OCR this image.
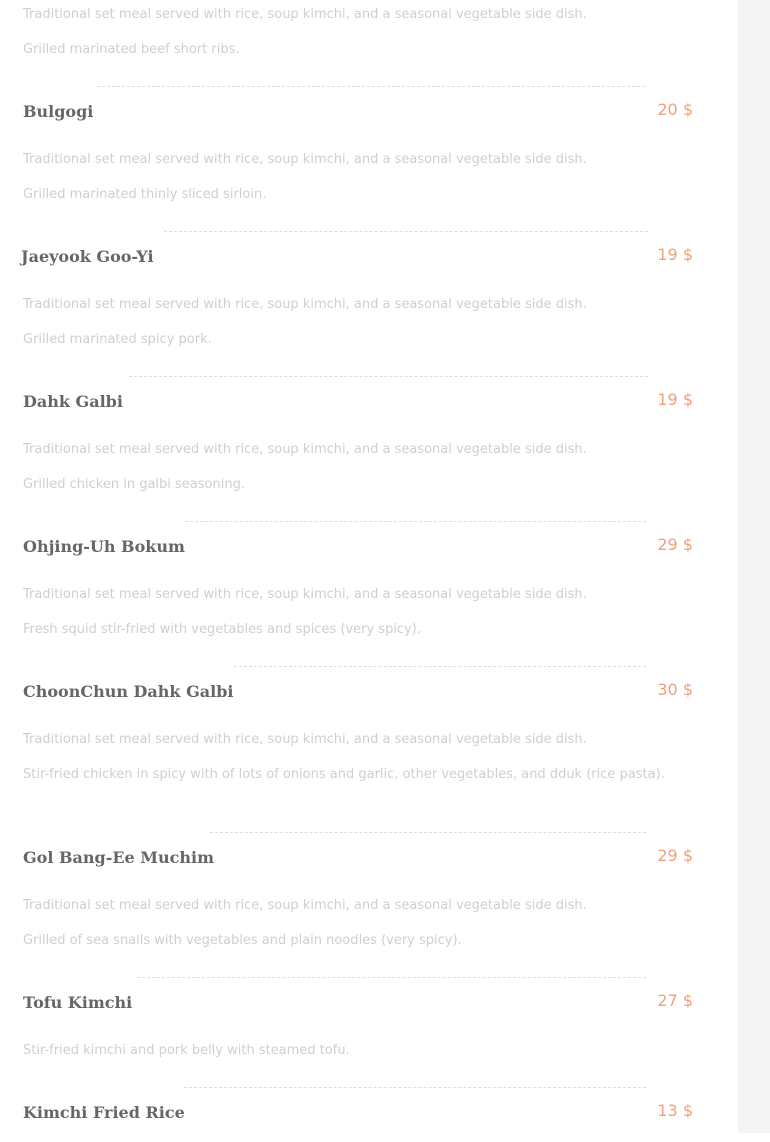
Traditional set meal served with rice, soup kimchi, and a seasonal vegetable side dish.
Grilled marinated beef short ribs.
Bulgogi	20 $
Traditional set meal served with rice, soup kimchi, and a seasonal vegetable side dish.
Grilled marinated thinly sliced sirloin.
Jaeyook Goo-Yi	19 $
Traditional set meal served with rice, soup kimchi, and a seasonal vegetable side dish.
Grilled marinated spicy pork.
Dahk Galbi	19 $
Traditional set meal served with rice, soup kimchi, and a seasonal vegetable side dish.
Grilled chicken in galbi seasoning.
Ohjing-Uh Bokum	29 $
Traditional set meal served with rice, soup kimchi, and a seasonal vegetable side dish.
Fresh squid stir-fried with vegetables and spices (very spicy).
ChoonChun Dahk Galbi	30 $
Traditional set meal served with rice, soup kimchi, and a seasonal vegetable side dish.
Stir-fried chicken in spicy with of lots of onions and garlic, other vegetables, and dduk (rice pasta).
Gol Bang-Ee Muchim	29 $
Traditional set meal served with rice, soup kimchi, and a seasonal vegetable side dish.
Grilled of sea snails with vegetables and plain noodles (very spicy).
Tofu Kimchi	27 $
Stir-fried kimchi and pork belly with steamed tofu.
Kimchi Fried Rice	13 $
